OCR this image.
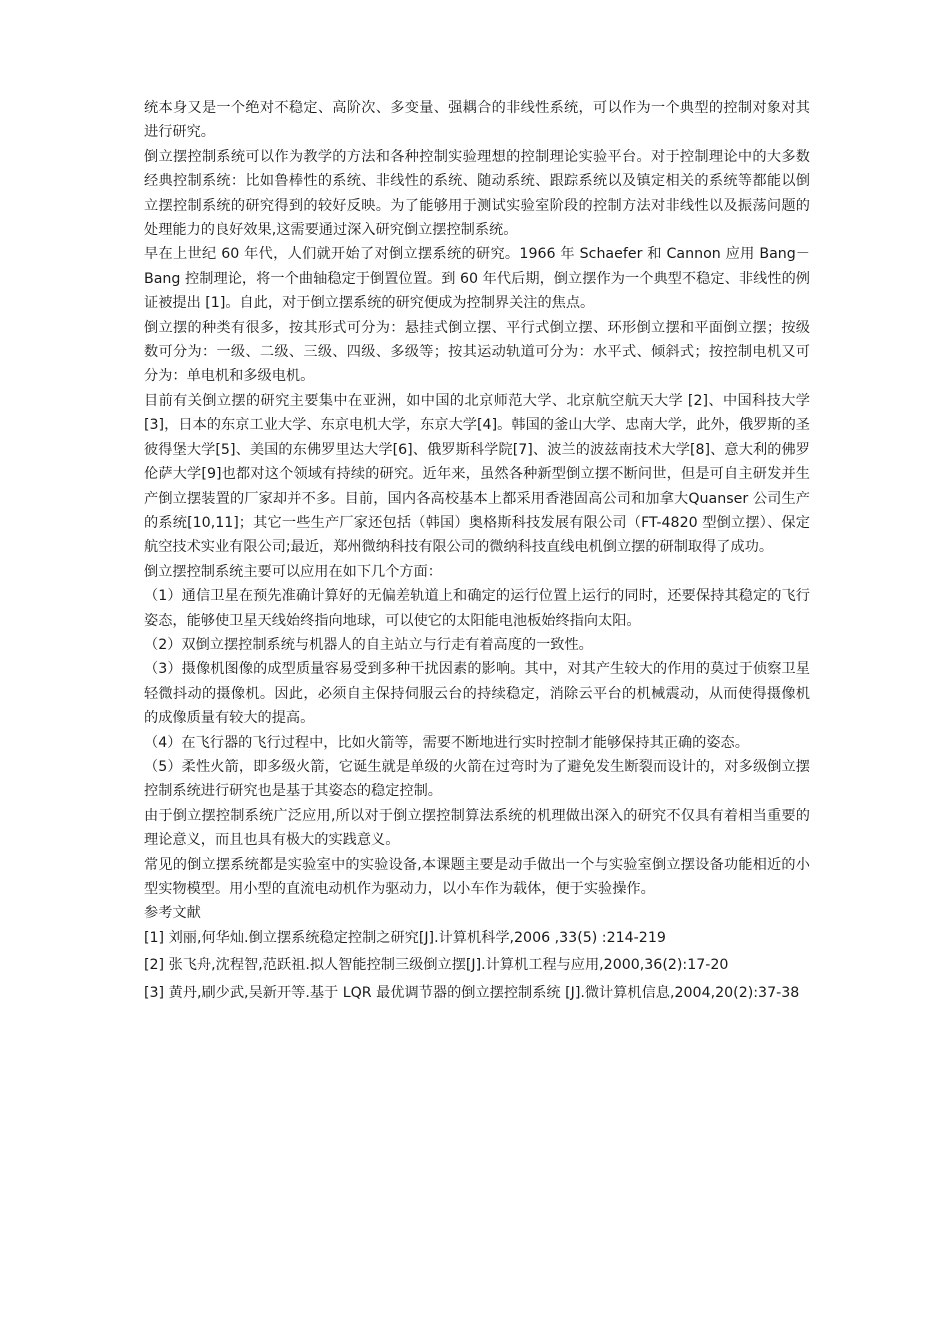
统本身又是一个绝对不稳定、高阶次、多变量、强耦合的非线性系统，可以作为一个典型的控制对象对其进行研究。

倒立摆控制系统可以作为教学的方法和各种控制实验理想的控制理论实验平台。对于控制理论中的大多数经典控制系统：比如鲁棒性的系统、非线性的系统、随动系统、跟踪系统以及镇定相关的系统等都能以倒立摆控制系统的研究得到的较好反映。为了能够用于测试实验室阶段的控制方法对非线性以及振荡问题的处理能力的良好效果,这需要通过深入研究倒立摆控制系统。

早在上世纪 60 年代，人们就开始了对倒立摆系统的研究。1966 年 Schaefer 和 Cannon 应用 Bang－Bang 控制理论，将一个曲轴稳定于倒置位置。到 60 年代后期，倒立摆作为一个典型不稳定、非线性的例证被提出 [1]。自此，对于倒立摆系统的研究便成为控制界关注的焦点。

倒立摆的种类有很多，按其形式可分为：悬挂式倒立摆、平行式倒立摆、环形倒立摆和平面倒立摆；按级数可分为：一级、二级、三级、四级、多级等；按其运动轨道可分为：水平式、倾斜式；按控制电机又可分为：单电机和多级电机。

目前有关倒立摆的研究主要集中在亚洲，如中国的北京师范大学、北京航空航天大学 [2]、中国科技大学[3]，日本的东京工业大学、东京电机大学，东京大学[4]。韩国的釜山大学、忠南大学，此外，俄罗斯的圣彼得堡大学[5]、美国的东佛罗里达大学[6]、俄罗斯科学院[7]、波兰的波兹南技术大学[8]、意大利的佛罗伦萨大学[9]也都对这个领域有持续的研究。近年来，虽然各种新型倒立摆不断问世，但是可自主研发并生产倒立摆装置的厂家却并不多。目前，国内各高校基本上都采用香港固高公司和加拿大Quanser 公司生产的系统[10,11]；其它一些生产厂家还包括（韩国）奥格斯科技发展有限公司（FT-4820 型倒立摆）、保定航空技术实业有限公司;最近，郑州微纳科技有限公司的微纳科技直线电机倒立摆的研制取得了成功。

倒立摆控制系统主要可以应用在如下几个方面：

（1）通信卫星在预先准确计算好的无偏差轨道上和确定的运行位置上运行的同时，还要保持其稳定的飞行姿态，能够使卫星天线始终指向地球，可以使它的太阳能电池板始终指向太阳。

（2）双倒立摆控制系统与机器人的自主站立与行走有着高度的一致性。

（3）摄像机图像的成型质量容易受到多种干扰因素的影响。其中，对其产生较大的作用的莫过于侦察卫星轻微抖动的摄像机。因此，必须自主保持伺服云台的持续稳定，消除云平台的机械震动，从而使得摄像机的成像质量有较大的提高。

（4）在飞行器的飞行过程中，比如火箭等，需要不断地进行实时控制才能够保持其正确的姿态。

（5）柔性火箭，即多级火箭，它诞生就是单级的火箭在过弯时为了避免发生断裂而设计的，对多级倒立摆控制系统进行研究也是基于其姿态的稳定控制。

由于倒立摆控制系统广泛应用,所以对于倒立摆控制算法系统的机理做出深入的研究不仅具有着相当重要的理论意义，而且也具有极大的实践意义。

常见的倒立摆系统都是实验室中的实验设备,本课题主要是动手做出一个与实验室倒立摆设备功能相近的小型实物模型。用小型的直流电动机作为驱动力，以小车作为载体，便于实验操作。

参考文献

[1] 刘丽,何华灿.倒立摆系统稳定控制之研究[J].计算机科学,2006 ,33(5) :214-219

[2] 张飞舟,沈程智,范跃祖.拟人智能控制三级倒立摆[J].计算机工程与应用,2000,36(2):17-20

[3] 黄丹,刷少武,吴新开等.基于 LQR 最优调节器的倒立摆控制系统 [J].微计算机信息,2004,20(2):37-38
